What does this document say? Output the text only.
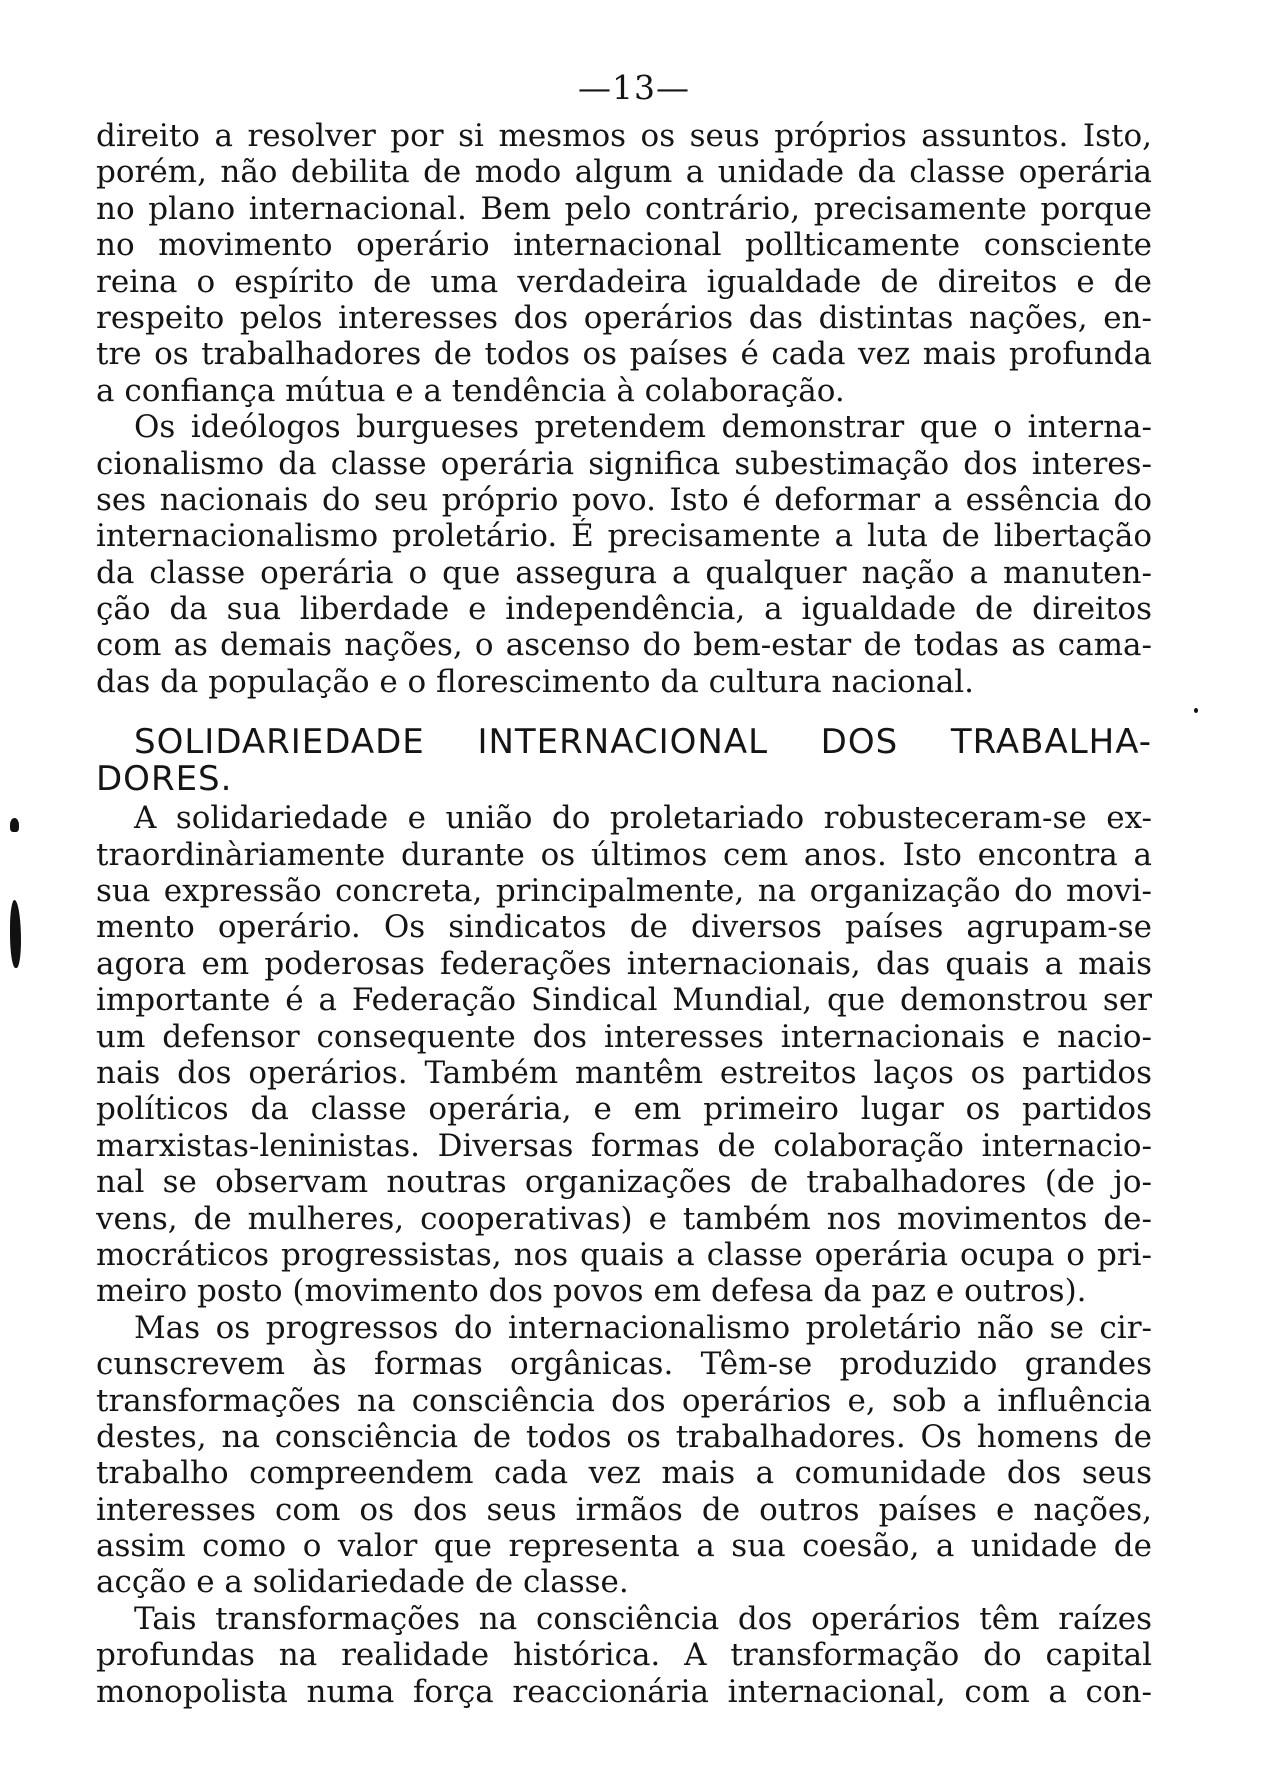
—13—
direito a resolver por si mesmos os seus próprios assuntos. Isto,
porém, não debilita de modo algum a unidade da classe operária
no plano internacional. Bem pelo contrário, precisamente porque
no movimento operário internacional pollticamente consciente
reina o espírito de uma verdadeira igualdade de direitos e de
respeito pelos interesses dos operários das distintas nações, en-
tre os trabalhadores de todos os países é cada vez mais profunda
a confiança mútua e a tendência à colaboração.
Os ideólogos burgueses pretendem demonstrar que o interna-
cionalismo da classe operária significa subestimação dos interes-
ses nacionais do seu próprio povo. Isto é deformar a essência do
internacionalismo proletário. É precisamente a luta de libertação
da classe operária o que assegura a qualquer nação a manuten-
ção da sua liberdade e independência, a igualdade de direitos
com as demais nações, o ascenso do bem-estar de todas as cama-
das da população e o florescimento da cultura nacional.
SOLIDARIEDADE INTERNACIONAL DOS TRABALHA-
DORES.
A solidariedade e união do proletariado robusteceram-se ex-
traordinàriamente durante os últimos cem anos. Isto encontra a
sua expressão concreta, principalmente, na organização do movi-
mento operário. Os sindicatos de diversos países agrupam-se
agora em poderosas federações internacionais, das quais a mais
importante é a Federação Sindical Mundial, que demonstrou ser
um defensor consequente dos interesses internacionais e nacio-
nais dos operários. Também mantêm estreitos laços os partidos
políticos da classe operária, e em primeiro lugar os partidos
marxistas-leninistas. Diversas formas de colaboração internacio-
nal se observam noutras organizações de trabalhadores (de jo-
vens, de mulheres, cooperativas) e também nos movimentos de-
mocráticos progressistas, nos quais a classe operária ocupa o pri-
meiro posto (movimento dos povos em defesa da paz e outros).
Mas os progressos do internacionalismo proletário não se cir-
cunscrevem às formas orgânicas. Têm-se produzido grandes
transformações na consciência dos operários e, sob a influência
destes, na consciência de todos os trabalhadores. Os homens de
trabalho compreendem cada vez mais a comunidade dos seus
interesses com os dos seus irmãos de outros países e nações,
assim como o valor que representa a sua coesão, a unidade de
acção e a solidariedade de classe.
Tais transformações na consciência dos operários têm raízes
profundas na realidade histórica. A transformação do capital
monopolista numa força reaccionária internacional, com a con-
